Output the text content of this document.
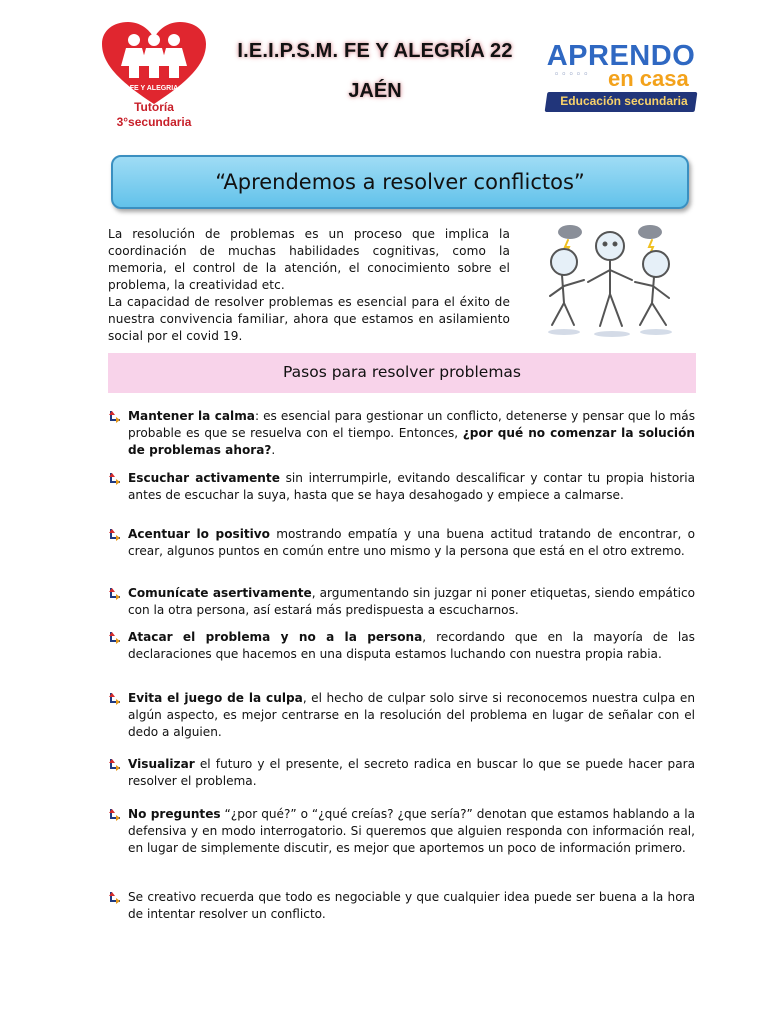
FE Y ALEGRIA
Tutoría
3°secundaria
I.E.I.P.S.M. FE Y ALEGRÍA 22
JAÉN
APRENDO
◦◦◦◦◦ en casa
Educación secundaria
“Aprendemos a resolver conflictos”

La resolución de problemas es un proceso que implica la coordinación de muchas habilidades cognitivas, como la memoria, el control de la atención, el conocimiento sobre el problema, la creatividad etc.

La capacidad de resolver problemas es esencial para el éxito de nuestra convivencia familiar, ahora que estamos en asilamiento social por el covid 19.

Pasos para resolver problemas
Mantener la calma: es esencial para gestionar un conflicto, detenerse y pensar que lo más probable es que se resuelva con el tiempo. Entonces, ¿por qué no comenzar la solución de problemas ahora?.
Escuchar activamente sin interrumpirle, evitando descalificar y contar tu propia historia antes de escuchar la suya, hasta que se haya desahogado y empiece a calmarse.
Acentuar lo positivo mostrando empatía y una buena actitud tratando de encontrar, o crear, algunos puntos en común entre uno mismo y la persona que está en el otro extremo.
Comunícate asertivamente, argumentando sin juzgar ni poner etiquetas, siendo empático con la otra persona, así estará más predispuesta a escucharnos.
Atacar el problema y no a la persona, recordando que en la mayoría de las declaraciones que hacemos en una disputa estamos luchando con nuestra propia rabia.
Evita el juego de la culpa, el hecho de culpar solo sirve si reconocemos nuestra culpa en algún aspecto, es mejor centrarse en la resolución del problema en lugar de señalar con el dedo a alguien.
Visualizar el futuro y el presente, el secreto radica en buscar lo que se puede hacer para resolver el problema.
No preguntes “¿por qué?” o “¿qué creías? ¿que sería?” denotan que estamos hablando a la defensiva y en modo interrogatorio. Si queremos que alguien responda con información real, en lugar de simplemente discutir, es mejor que aportemos un poco de información primero.
Se creativo recuerda que todo es negociable y que cualquier idea puede ser buena a la hora de intentar resolver un conflicto.
